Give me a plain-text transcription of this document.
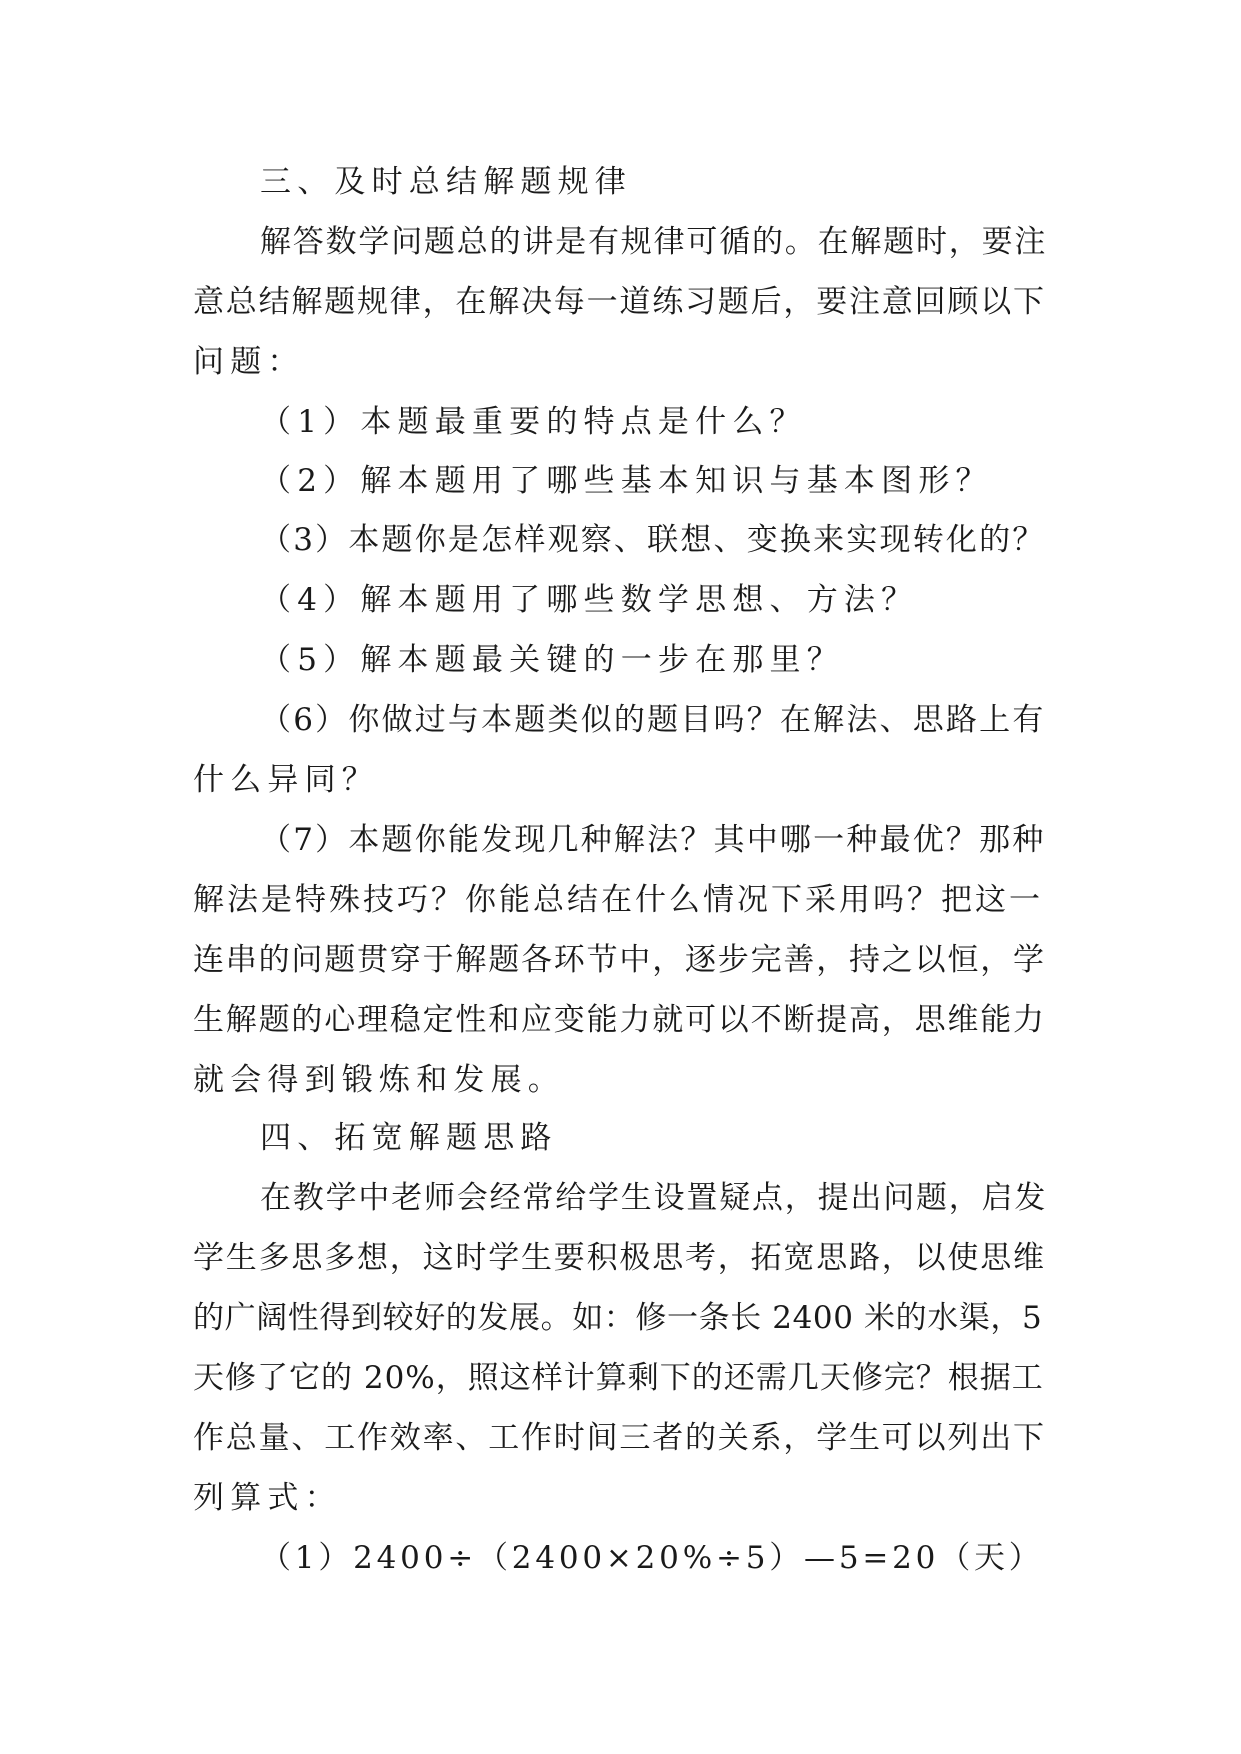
三、及时总结解题规律
解答数学问题总的讲是有规律可循的。在解题时，要注
意总结解题规律，在解决每一道练习题后，要注意回顾以下
问题：
（1）本题最重要的特点是什么？
（2）解本题用了哪些基本知识与基本图形？
（3）本题你是怎样观察、联想、变换来实现转化的？
（4）解本题用了哪些数学思想、方法？
（5）解本题最关键的一步在那里？
（6）你做过与本题类似的题目吗？在解法、思路上有
什么异同？
（7）本题你能发现几种解法？其中哪一种最优？那种
解法是特殊技巧？你能总结在什么情况下采用吗？把这一
连串的问题贯穿于解题各环节中，逐步完善，持之以恒，学
生解题的心理稳定性和应变能力就可以不断提高，思维能力
就会得到锻炼和发展。
四、拓宽解题思路
在教学中老师会经常给学生设置疑点，提出问题，启发
学生多思多想，这时学生要积极思考，拓宽思路，以使思维
的广阔性得到较好的发展。如：修一条长 2400 米的水渠，5
天修了它的 20%，照这样计算剩下的还需几天修完？根据工
作总量、工作效率、工作时间三者的关系，学生可以列出下
列算式：
（1）2400÷（2400×20%÷5）—5=20（天）
